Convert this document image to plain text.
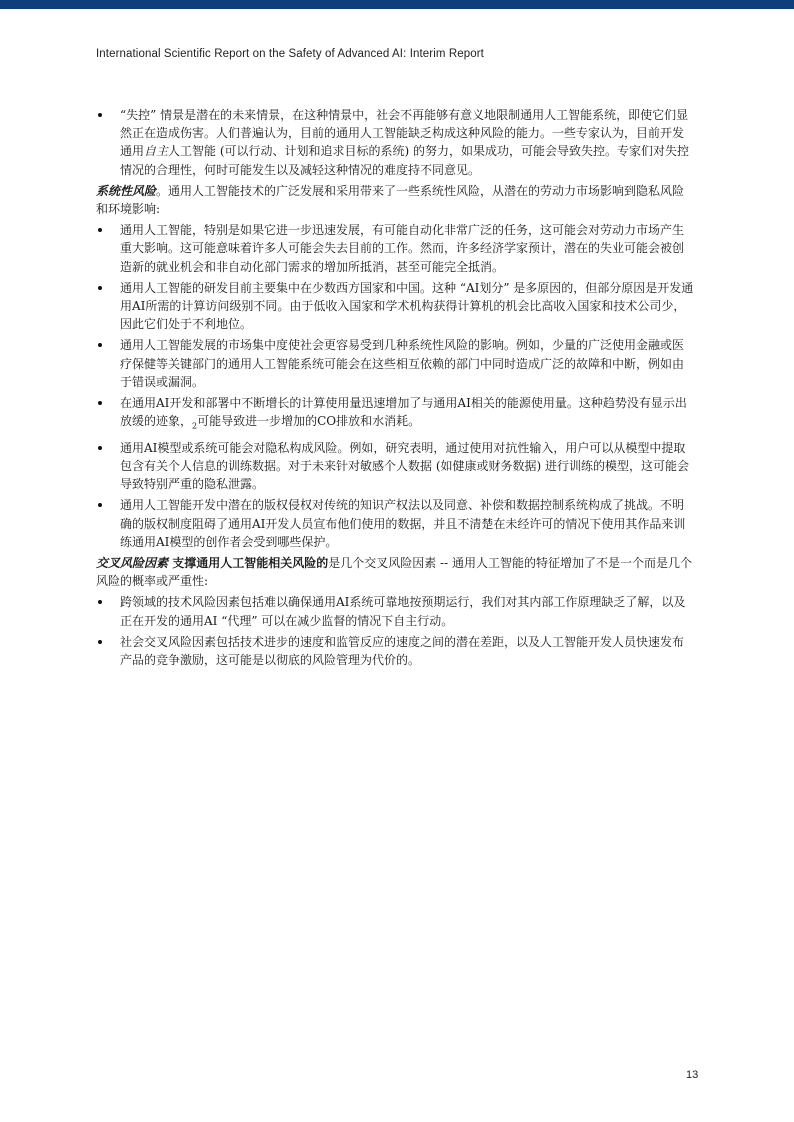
International Scientific Report on the Safety of Advanced AI: Interim Report
“失控” 情景是潜在的未来情景，在这种情景中，社会不再能够有意义地限制通用人工智能系统，即使它们显然正在造成伤害。人们普遍认为，目前的通用人工智能缺乏构成这种风险的能力。一些专家认为，目前开发通用自主人工智能 (可以行动、计划和追求目标的系统) 的努力，如果成功，可能会导致失控。专家们对失控情况的合理性，何时可能发生以及减轻这种情况的难度持不同意见。

系统性风险。通用人工智能技术的广泛发展和采用带来了一些系统性风险，从潜在的劳动力市场影响到隐私风险和环境影响:

通用人工智能，特别是如果它进一步迅速发展，有可能自动化非常广泛的任务，这可能会对劳动力市场产生重大影响。这可能意味着许多人可能会失去目前的工作。然而，许多经济学家预计，潜在的失业可能会被创造新的就业机会和非自动化部门需求的增加所抵消，甚至可能完全抵消。
通用人工智能的研发目前主要集中在少数西方国家和中国。这种 “AI划分” 是多原因的，但部分原因是开发通用AI所需的计算访问级别不同。由于低收入国家和学术机构获得计算机的机会比高收入国家和技术公司少，因此它们处于不利地位。
通用人工智能发展的市场集中度使社会更容易受到几种系统性风险的影响。例如，少量的广泛使用金融或医疗保健等关键部门的通用人工智能系统可能会在这些相互依赖的部门中同时造成广泛的故障和中断，例如由于错误或漏洞。
在通用AI开发和部署中不断增长的计算使用量迅速增加了与通用AI相关的能源使用量。这种趋势没有显示出放缓的迹象，$_2$可能导致进一步增加的CO排放和水消耗。
通用AI模型或系统可能会对隐私构成风险。例如，研究表明，通过使用对抗性输入，用户可以从模型中提取包含有关个人信息的训练数据。对于未来针对敏感个人数据 (如健康或财务数据) 进行训练的模型，这可能会导致特别严重的隐私泄露。
通用人工智能开发中潜在的版权侵权对传统的知识产权法以及同意、补偿和数据控制系统构成了挑战。不明确的版权制度阻碍了通用AI开发人员宣布他们使用的数据，并且不清楚在未经许可的情况下使用其作品来训练通用AI模型的创作者会受到哪些保护。

交叉风险因素 支撑通用人工智能相关风险的是几个交叉风险因素 -- 通用人工智能的特征增加了不是一个而是几个风险的概率或严重性:

跨领域的技术风险因素包括难以确保通用AI系统可靠地按预期运行，我们对其内部工作原理缺乏了解，以及正在开发的通用AI “代理” 可以在减少监督的情况下自主行动。
社会交叉风险因素包括技术进步的速度和监管反应的速度之间的潜在差距，以及人工智能开发人员快速发布产品的竞争激励，这可能是以彻底的风险管理为代价的。
13
